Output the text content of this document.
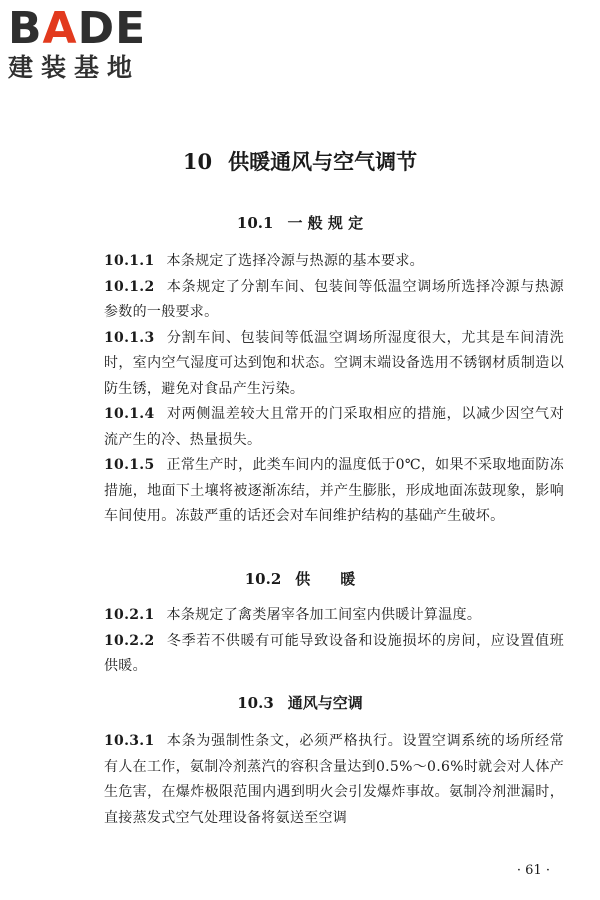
BADE
建装基地
10 供暖通风与空气调节
10.1 一 般 规 定
10.1.1 本条规定了选择冷源与热源的基本要求。
10.1.2 本条规定了分割车间、包装间等低温空调场所选择冷源与热源参数的一般要求。
10.1.3 分割车间、包装间等低温空调场所湿度很大，尤其是车间清洗时，室内空气湿度可达到饱和状态。空调末端设备选用不锈钢材质制造以防生锈，避免对食品产生污染。
10.1.4 对两侧温差较大且常开的门采取相应的措施，以减少因空气对流产生的冷、热量损失。
10.1.5 正常生产时，此类车间内的温度低于0℃，如果不采取地面防冻措施，地面下土壤将被逐渐冻结，并产生膨胀，形成地面冻鼓现象，影响车间使用。冻鼓严重的话还会对车间维护结构的基础产生破坏。
10.2 供　　暖
10.2.1 本条规定了禽类屠宰各加工间室内供暖计算温度。
10.2.2 冬季若不供暖有可能导致设备和设施损坏的房间，应设置值班供暖。
10.3 通风与空调
10.3.1 本条为强制性条文，必须严格执行。设置空调系统的场所经常有人在工作，氨制冷剂蒸汽的容积含量达到0.5%～0.6%时就会对人体产生危害，在爆炸极限范围内遇到明火会引发爆炸事故。氨制冷剂泄漏时，直接蒸发式空气处理设备将氨送至空调
· 61 ·
